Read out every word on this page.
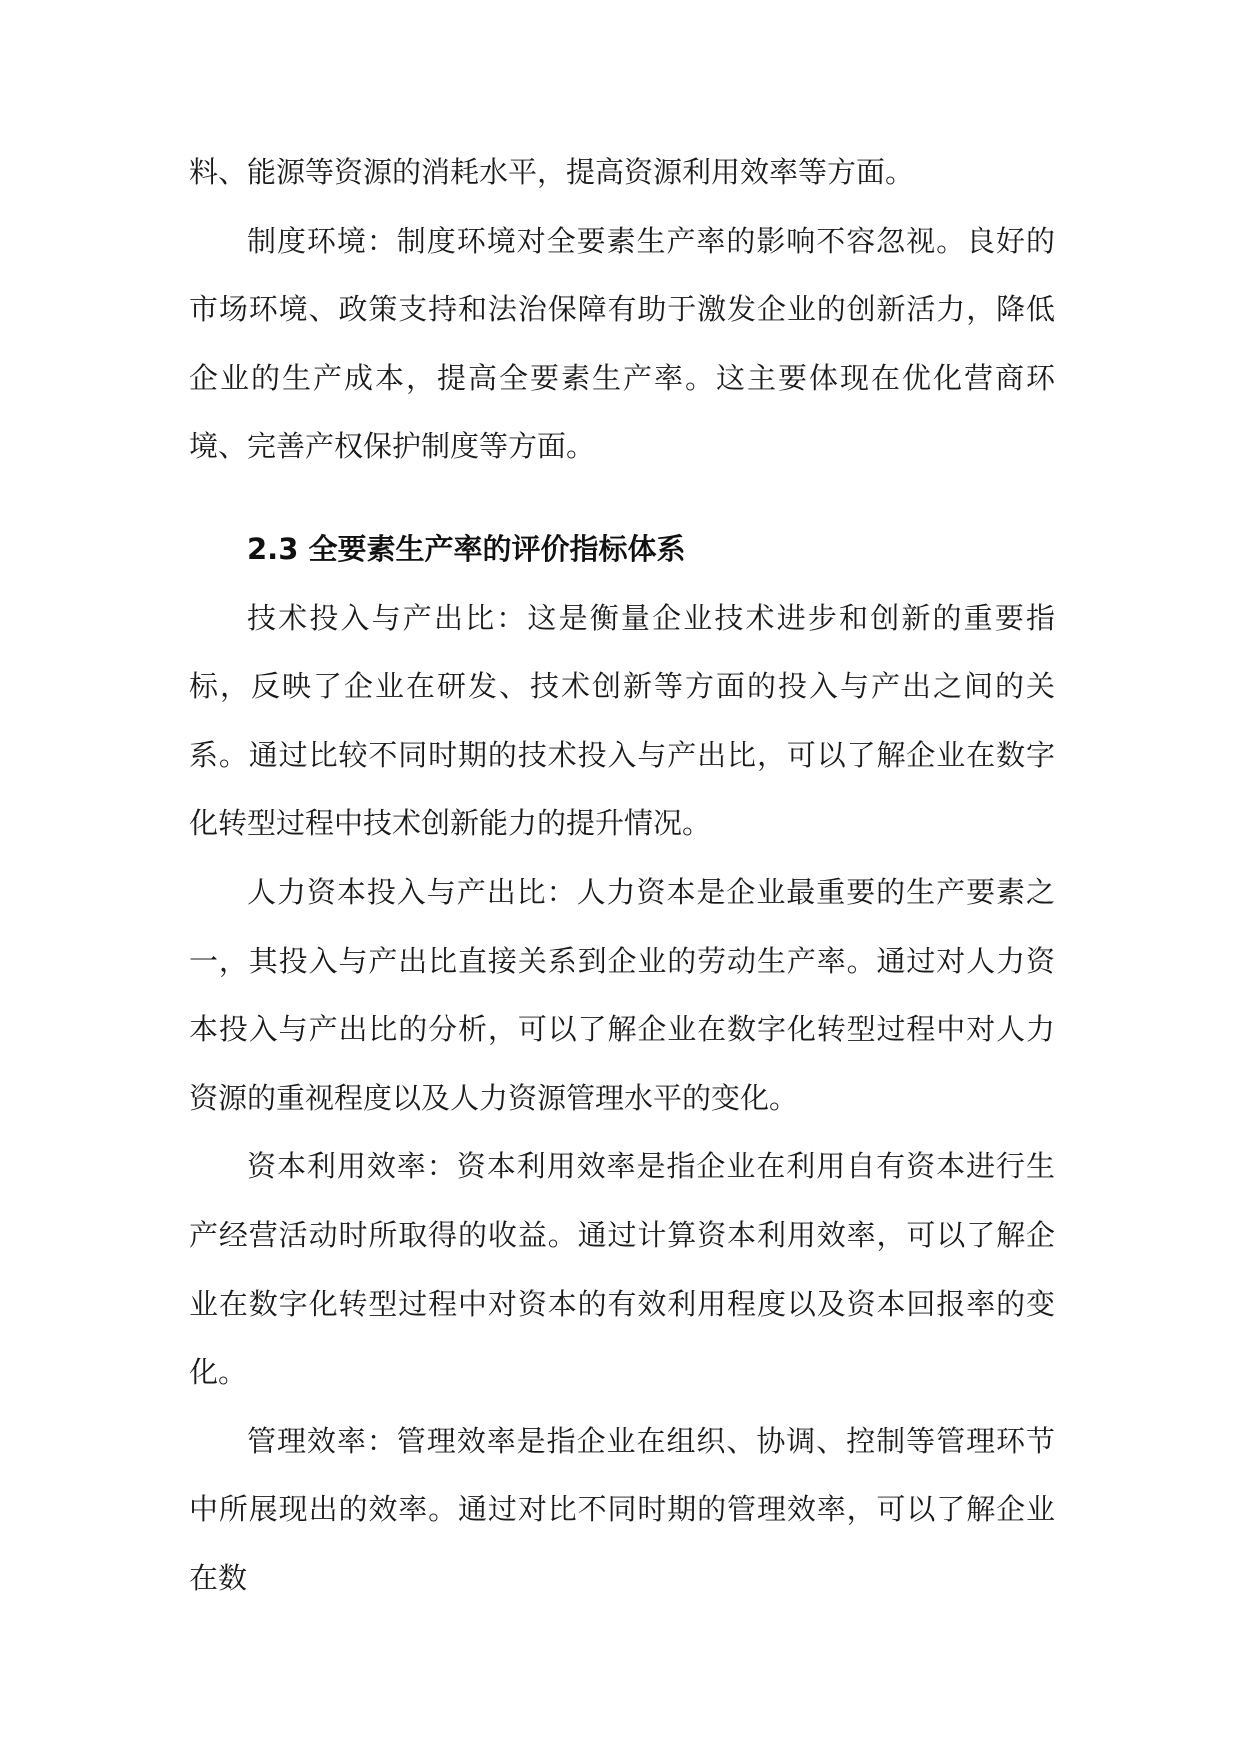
料、能源等资源的消耗水平，提高资源利用效率等方面。

制度环境：制度环境对全要素生产率的影响不容忽视。良好的市场环境、政策支持和法治保障有助于激发企业的创新活力，降低企业的生产成本，提高全要素生产率。这主要体现在优化营商环境、完善产权保护制度等方面。

2.3 全要素生产率的评价指标体系

技术投入与产出比：这是衡量企业技术进步和创新的重要指标，反映了企业在研发、技术创新等方面的投入与产出之间的关系。通过比较不同时期的技术投入与产出比，可以了解企业在数字化转型过程中技术创新能力的提升情况。

人力资本投入与产出比：人力资本是企业最重要的生产要素之一，其投入与产出比直接关系到企业的劳动生产率。通过对人力资本投入与产出比的分析，可以了解企业在数字化转型过程中对人力资源的重视程度以及人力资源管理水平的变化。

资本利用效率：资本利用效率是指企业在利用自有资本进行生产经营活动时所取得的收益。通过计算资本利用效率，可以了解企业在数字化转型过程中对资本的有效利用程度以及资本回报率的变化。

管理效率：管理效率是指企业在组织、协调、控制等管理环节中所展现出的效率。通过对比不同时期的管理效率，可以了解企业在数
